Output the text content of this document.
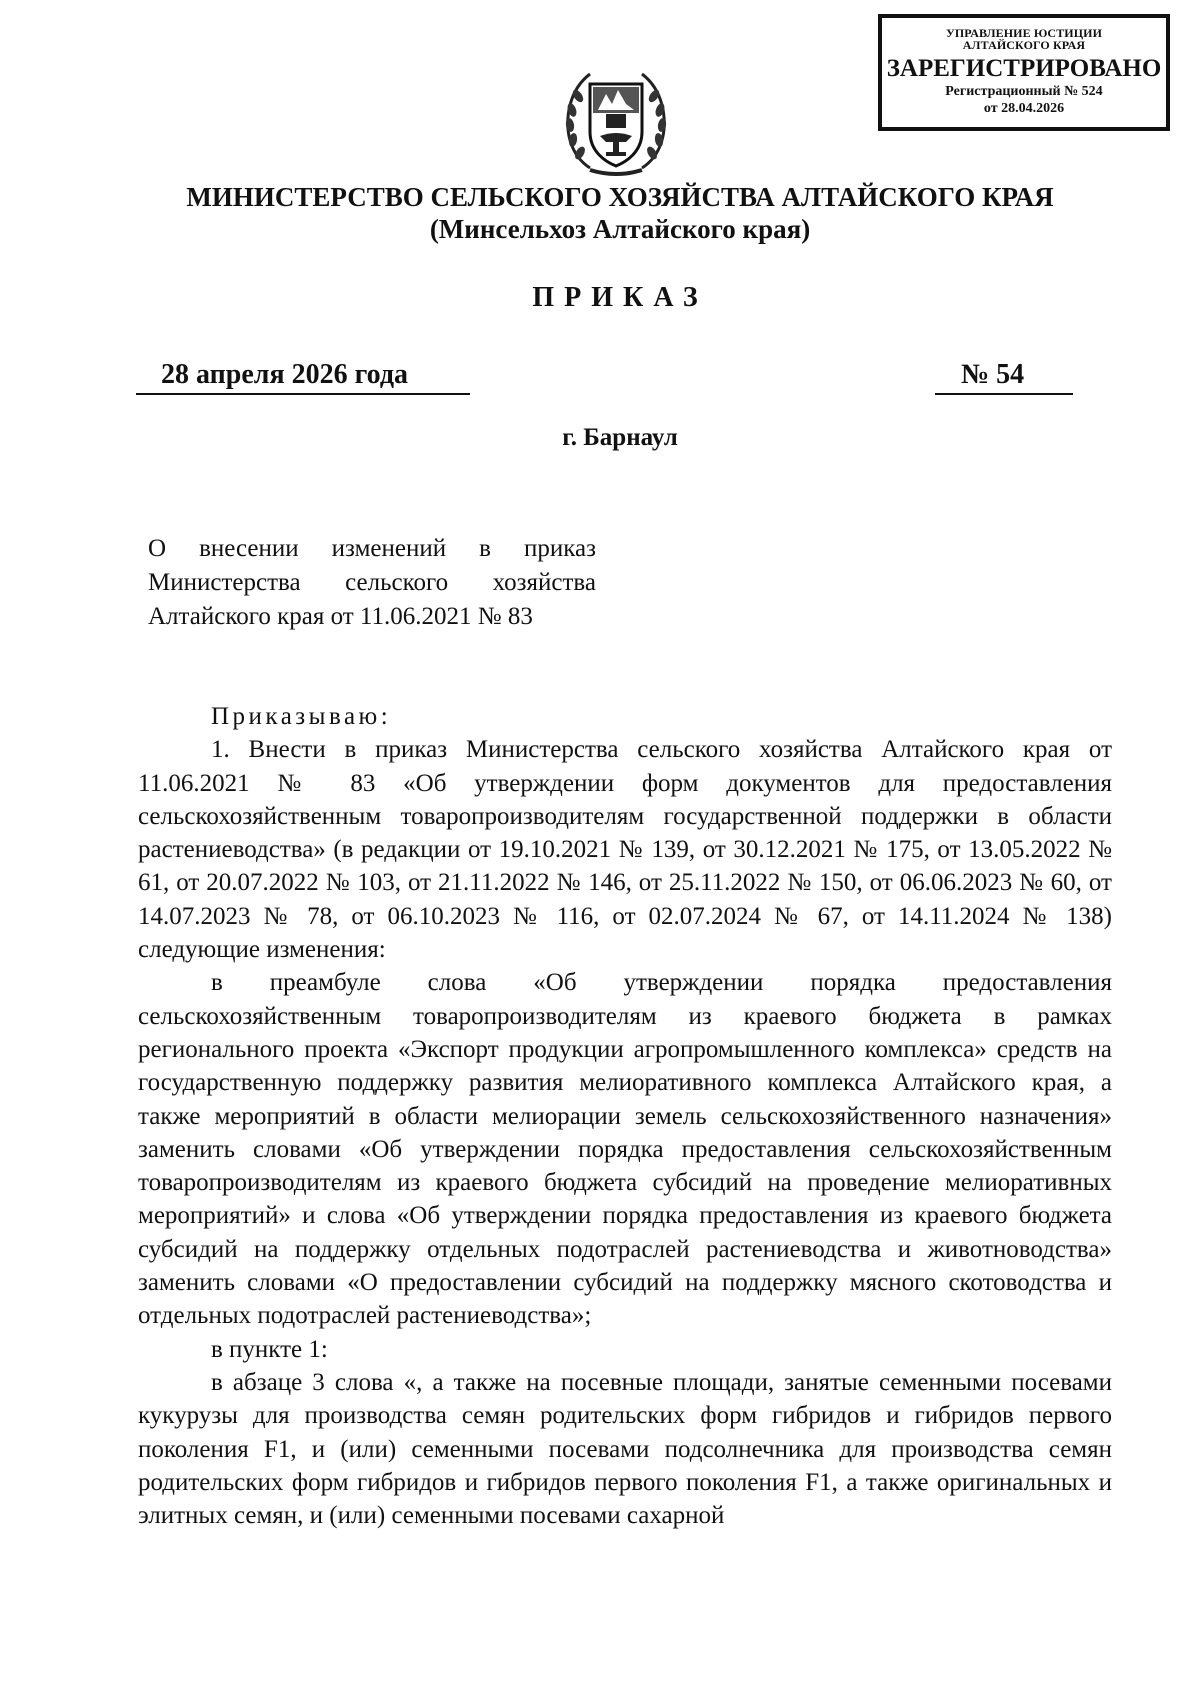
УПРАВЛЕНИЕ ЮСТИЦИИ
АЛТАЙСКОГО КРАЯ
ЗАРЕГИСТРИРОВАНО
Регистрационный № 524
от 28.04.2026
МИНИСТЕРСТВО СЕЛЬСКОГО ХОЗЯЙСТВА АЛТАЙСКОГО КРАЯ
(Минсельхоз Алтайского края)
ПРИКАЗ
28 апреля 2026 года	№ 54
г. Барнаул
О внесении изменений в приказ
Министерства сельского хозяйства
Алтайского края от 11.06.2021 № 83

Приказываю:

1. Внести в приказ Министерства сельского хозяйства Алтайского края от 11.06.2021 № 83 «Об утверждении форм документов для предоставления сельскохозяйственным товаропроизводителям государственной поддержки в области растениеводства» (в редакции от 19.10.2021 № 139, от 30.12.2021 № 175, от 13.05.2022 № 61, от 20.07.2022 № 103, от 21.11.2022 № 146, от 25.11.2022 № 150, от 06.06.2023 № 60, от 14.07.2023 № 78, от 06.10.2023 № 116, от 02.07.2024 № 67, от 14.11.2024 № 138) следующие изменения:

в преамбуле слова «Об утверждении порядка предоставления сельскохозяйственным товаропроизводителям из краевого бюджета в рамках регионального проекта «Экспорт продукции агропромышленного комплекса» средств на государственную поддержку развития мелиоративного комплекса Алтайского края, а также мероприятий в области мелиорации земель сельскохозяйственного назначения» заменить словами «Об утверждении порядка предоставления сельскохозяйственным товаропроизводителям из краевого бюджета субсидий на проведение мелиоративных мероприятий» и слова «Об утверждении порядка предоставления из краевого бюджета субсидий на поддержку отдельных подотраслей растениеводства и животноводства» заменить словами «О предоставлении субсидий на поддержку мясного скотоводства и отдельных подотраслей растениеводства»;

в пункте 1:

в абзаце 3 слова «, а также на посевные площади, занятые семенными посевами кукурузы для производства семян родительских форм гибридов и гибридов первого поколения F1, и (или) семенными посевами подсолнечника для производства семян родительских форм гибридов и гибридов первого поколения F1, а также оригинальных и элитных семян, и (или) семенными посевами сахарной
